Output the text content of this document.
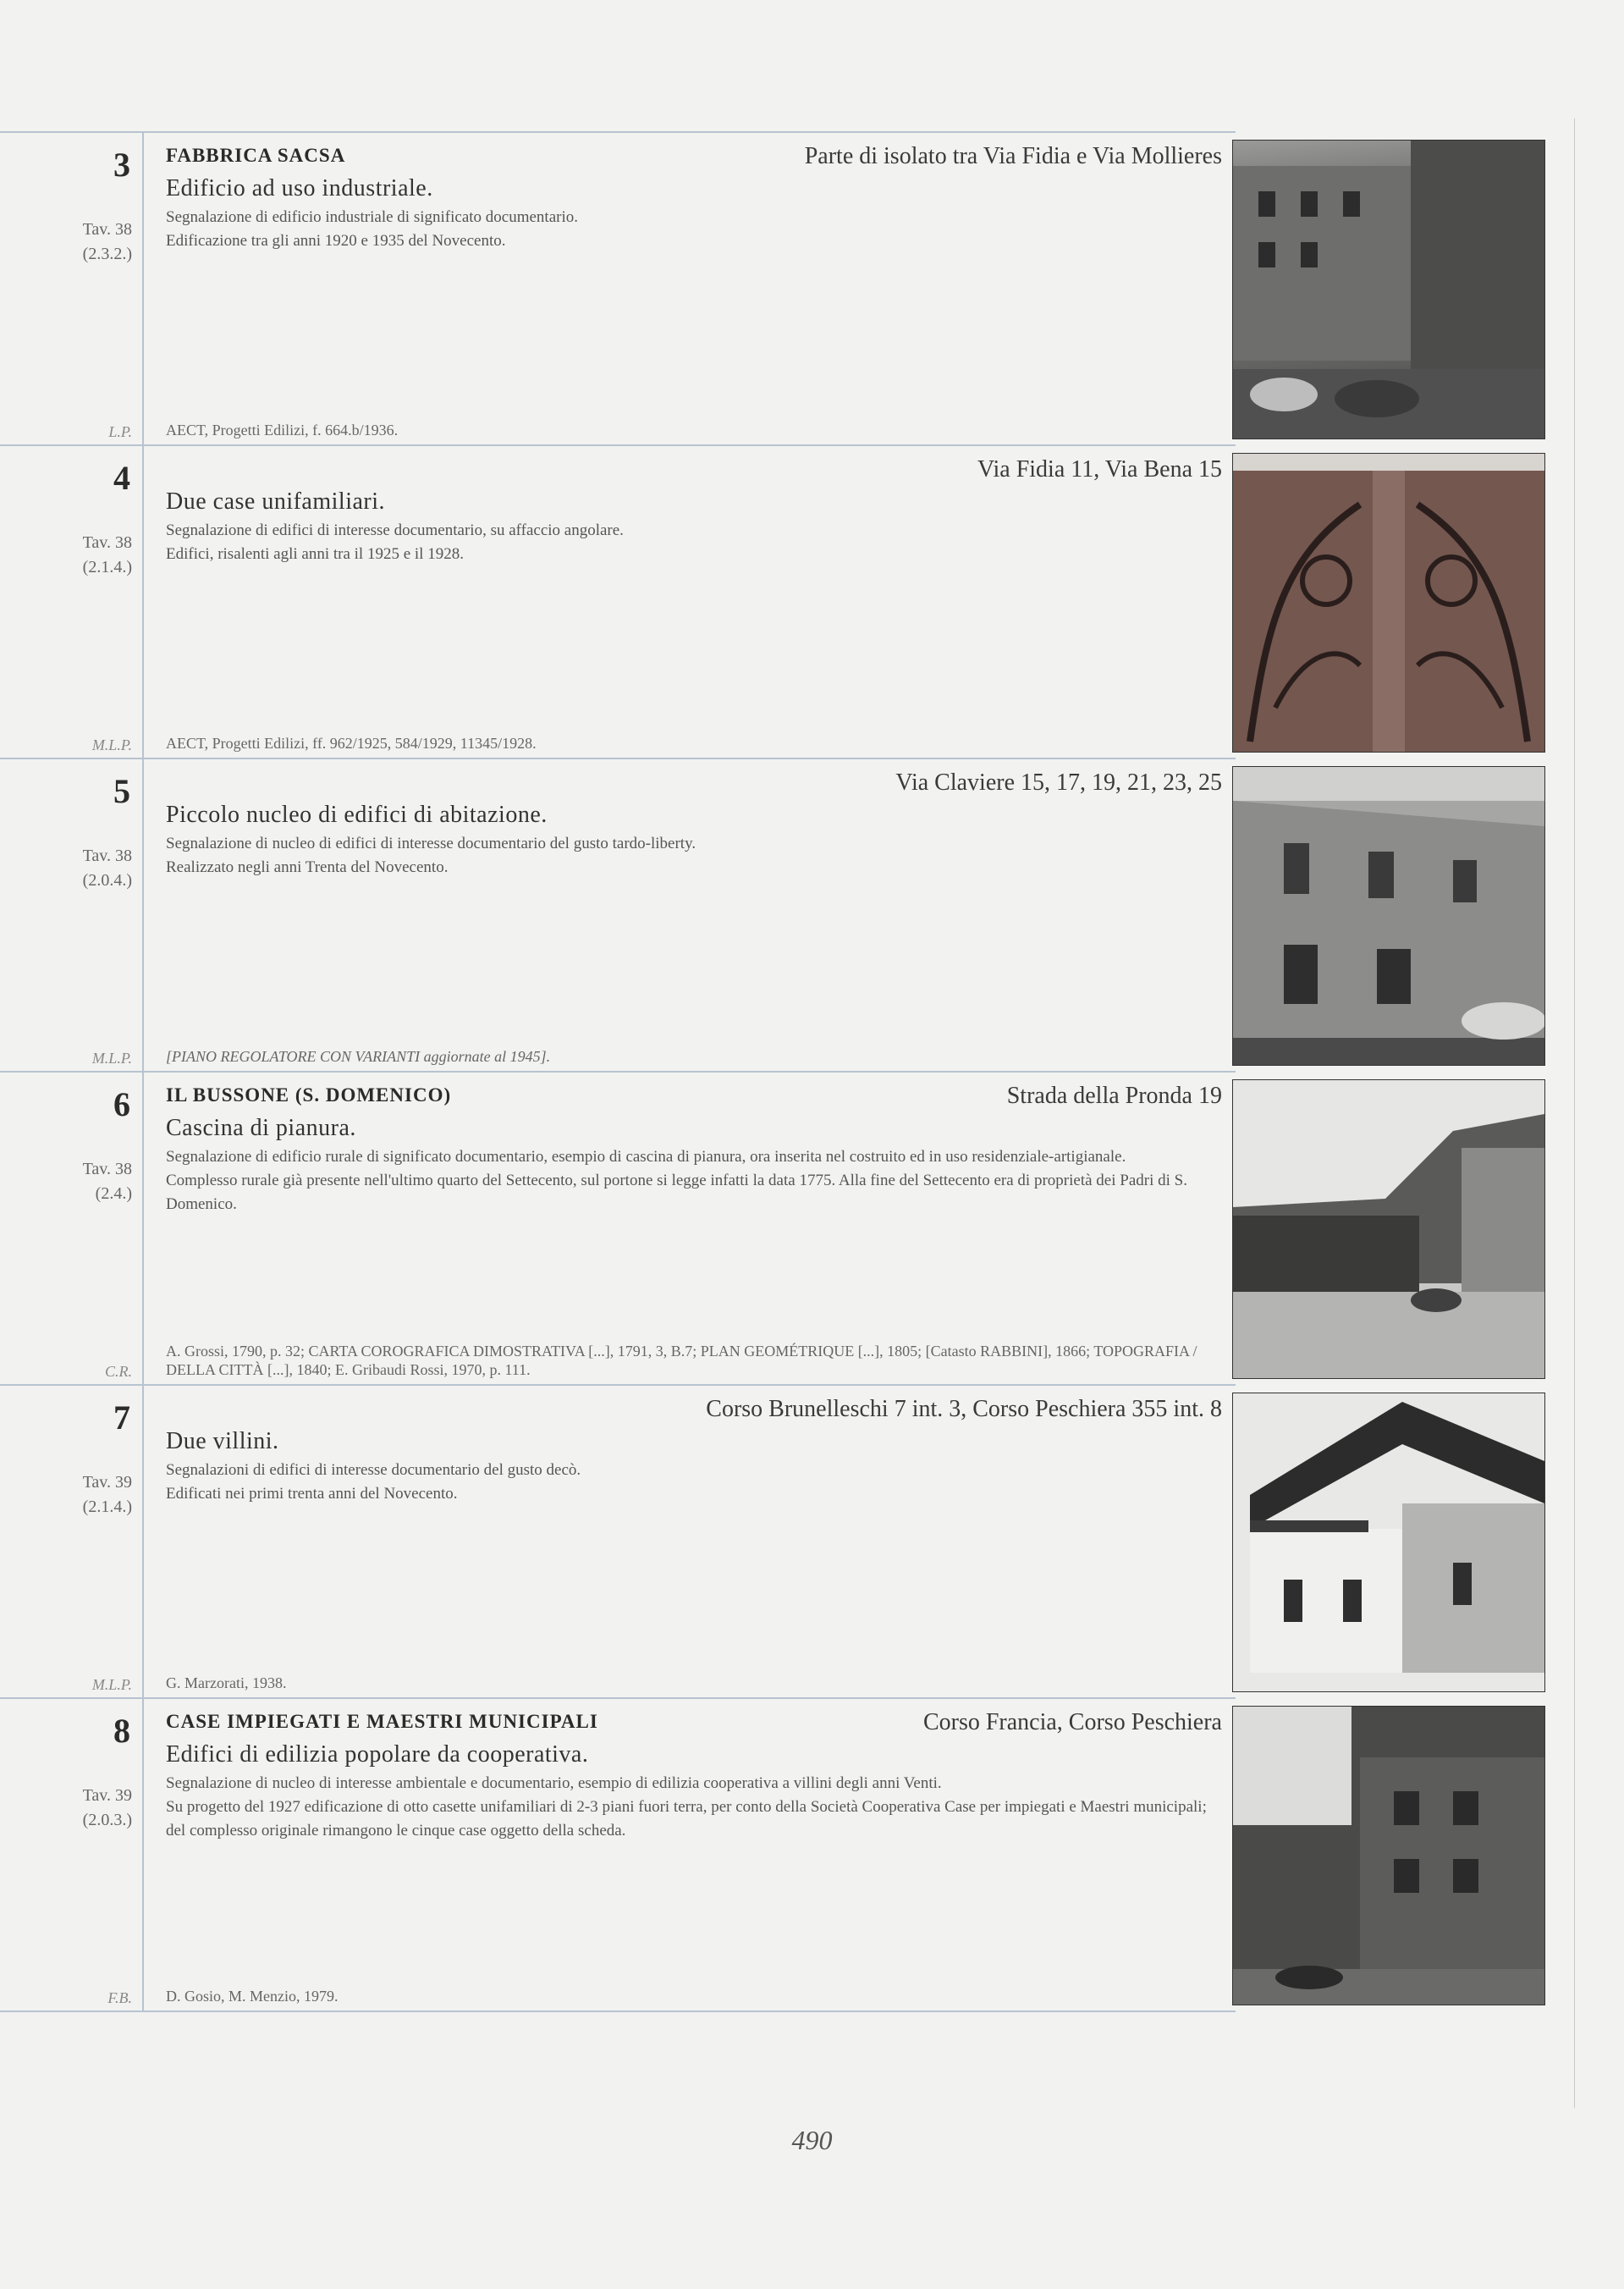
3
Tav. 38
(2.3.2.)
L.P.
FABBRICA SACSA	Parte di isolato tra Via Fidia e Via Mollieres
Edificio ad uso industriale.

Segnalazione di edificio industriale di significato documentario.

Edificazione tra gli anni 1920 e 1935 del Novecento.

AECT, Progetti Edilizi, f. 664.b/1936.
4
Tav. 38
(2.1.4.)
M.L.P.
Via Fidia 11, Via Bena 15
Due case unifamiliari.

Segnalazione di edifici di interesse documentario, su affaccio angolare.

Edifici, risalenti agli anni tra il 1925 e il 1928.

AECT, Progetti Edilizi, ff. 962/1925, 584/1929, 11345/1928.
5
Tav. 38
(2.0.4.)
M.L.P.
Via Claviere 15, 17, 19, 21, 23, 25
Piccolo nucleo di edifici di abitazione.

Segnalazione di nucleo di edifici di interesse documentario del gusto tardo-liberty.

Realizzato negli anni Trenta del Novecento.

[PIANO REGOLATORE CON VARIANTI aggiornate al 1945].
6
Tav. 38
(2.4.)
C.R.
IL BUSSONE (S. DOMENICO)	Strada della Pronda 19
Cascina di pianura.

Segnalazione di edificio rurale di significato documentario, esempio di cascina di pianura, ora inserita nel costruito ed in uso residenziale-artigianale.

Complesso rurale già presente nell'ultimo quarto del Settecento, sul portone si legge infatti la data 1775. Alla fine del Settecento era di proprietà dei Padri di S. Domenico.

A. Grossi, 1790, p. 32; CARTA COROGRAFICA DIMOSTRATIVA [...], 1791, 3, B.7; PLAN GEOMÉTRIQUE [...], 1805; [Catasto RABBINI], 1866; TOPOGRAFIA / DELLA CITTÀ [...], 1840; E. Gribaudi Rossi, 1970, p. 111.
7
Tav. 39
(2.1.4.)
M.L.P.
Corso Brunelleschi 7 int. 3, Corso Peschiera 355 int. 8
Due villini.

Segnalazioni di edifici di interesse documentario del gusto decò.

Edificati nei primi trenta anni del Novecento.

G. Marzorati, 1938.
8
Tav. 39
(2.0.3.)
F.B.
CASE IMPIEGATI E MAESTRI MUNICIPALI	Corso Francia, Corso Peschiera
Edifici di edilizia popolare da cooperativa.

Segnalazione di nucleo di interesse ambientale e documentario, esempio di edilizia cooperativa a villini degli anni Venti.

Su progetto del 1927 edificazione di otto casette unifamiliari di 2-3 piani fuori terra, per conto della Società Cooperativa Case per impiegati e Maestri municipali; del complesso originale rimangono le cinque case oggetto della scheda.

D. Gosio, M. Menzio, 1979.
490
